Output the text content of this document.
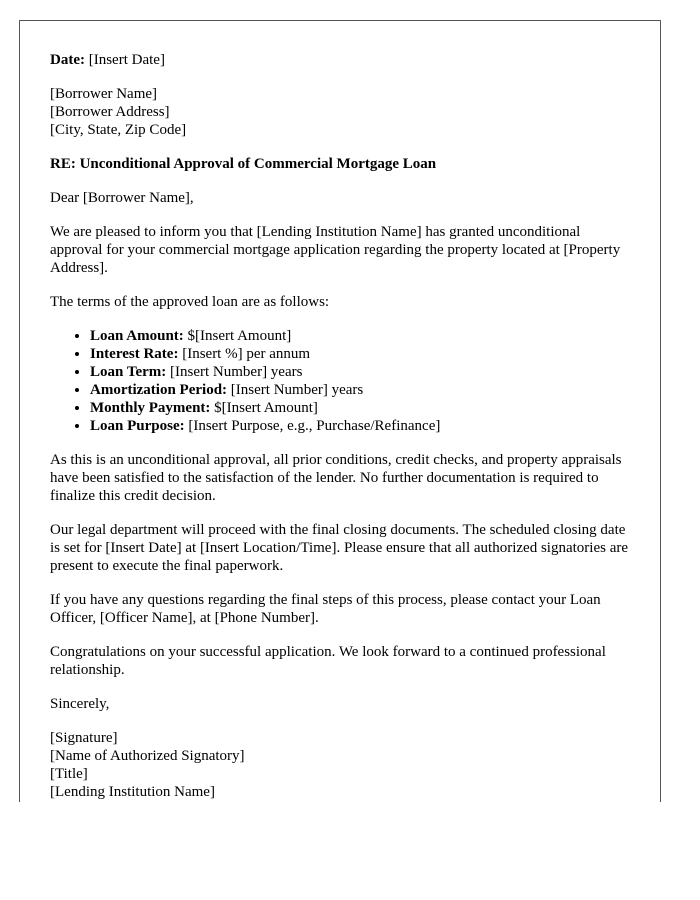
Date: [Insert Date]

[Borrower Name]
[Borrower Address]
[City, State, Zip Code]

RE: Unconditional Approval of Commercial Mortgage Loan

Dear [Borrower Name],

We are pleased to inform you that [Lending Institution Name] has granted unconditional approval for your commercial mortgage application regarding the property located at [Property Address].

The terms of the approved loan are as follows:

• Loan Amount: $[Insert Amount]
• Interest Rate: [Insert %] per annum
• Loan Term: [Insert Number] years
• Amortization Period: [Insert Number] years
• Monthly Payment: $[Insert Amount]
• Loan Purpose: [Insert Purpose, e.g., Purchase/Refinance]

As this is an unconditional approval, all prior conditions, credit checks, and property appraisals have been satisfied to the satisfaction of the lender. No further documentation is required to finalize this credit decision.

Our legal department will proceed with the final closing documents. The scheduled closing date is set for [Insert Date] at [Insert Location/Time]. Please ensure that all authorized signatories are present to execute the final paperwork.

If you have any questions regarding the final steps of this process, please contact your Loan Officer, [Officer Name], at [Phone Number].

Congratulations on your successful application. We look forward to a continued professional relationship.

Sincerely,

[Signature]
[Name of Authorized Signatory]
[Title]
[Lending Institution Name]
